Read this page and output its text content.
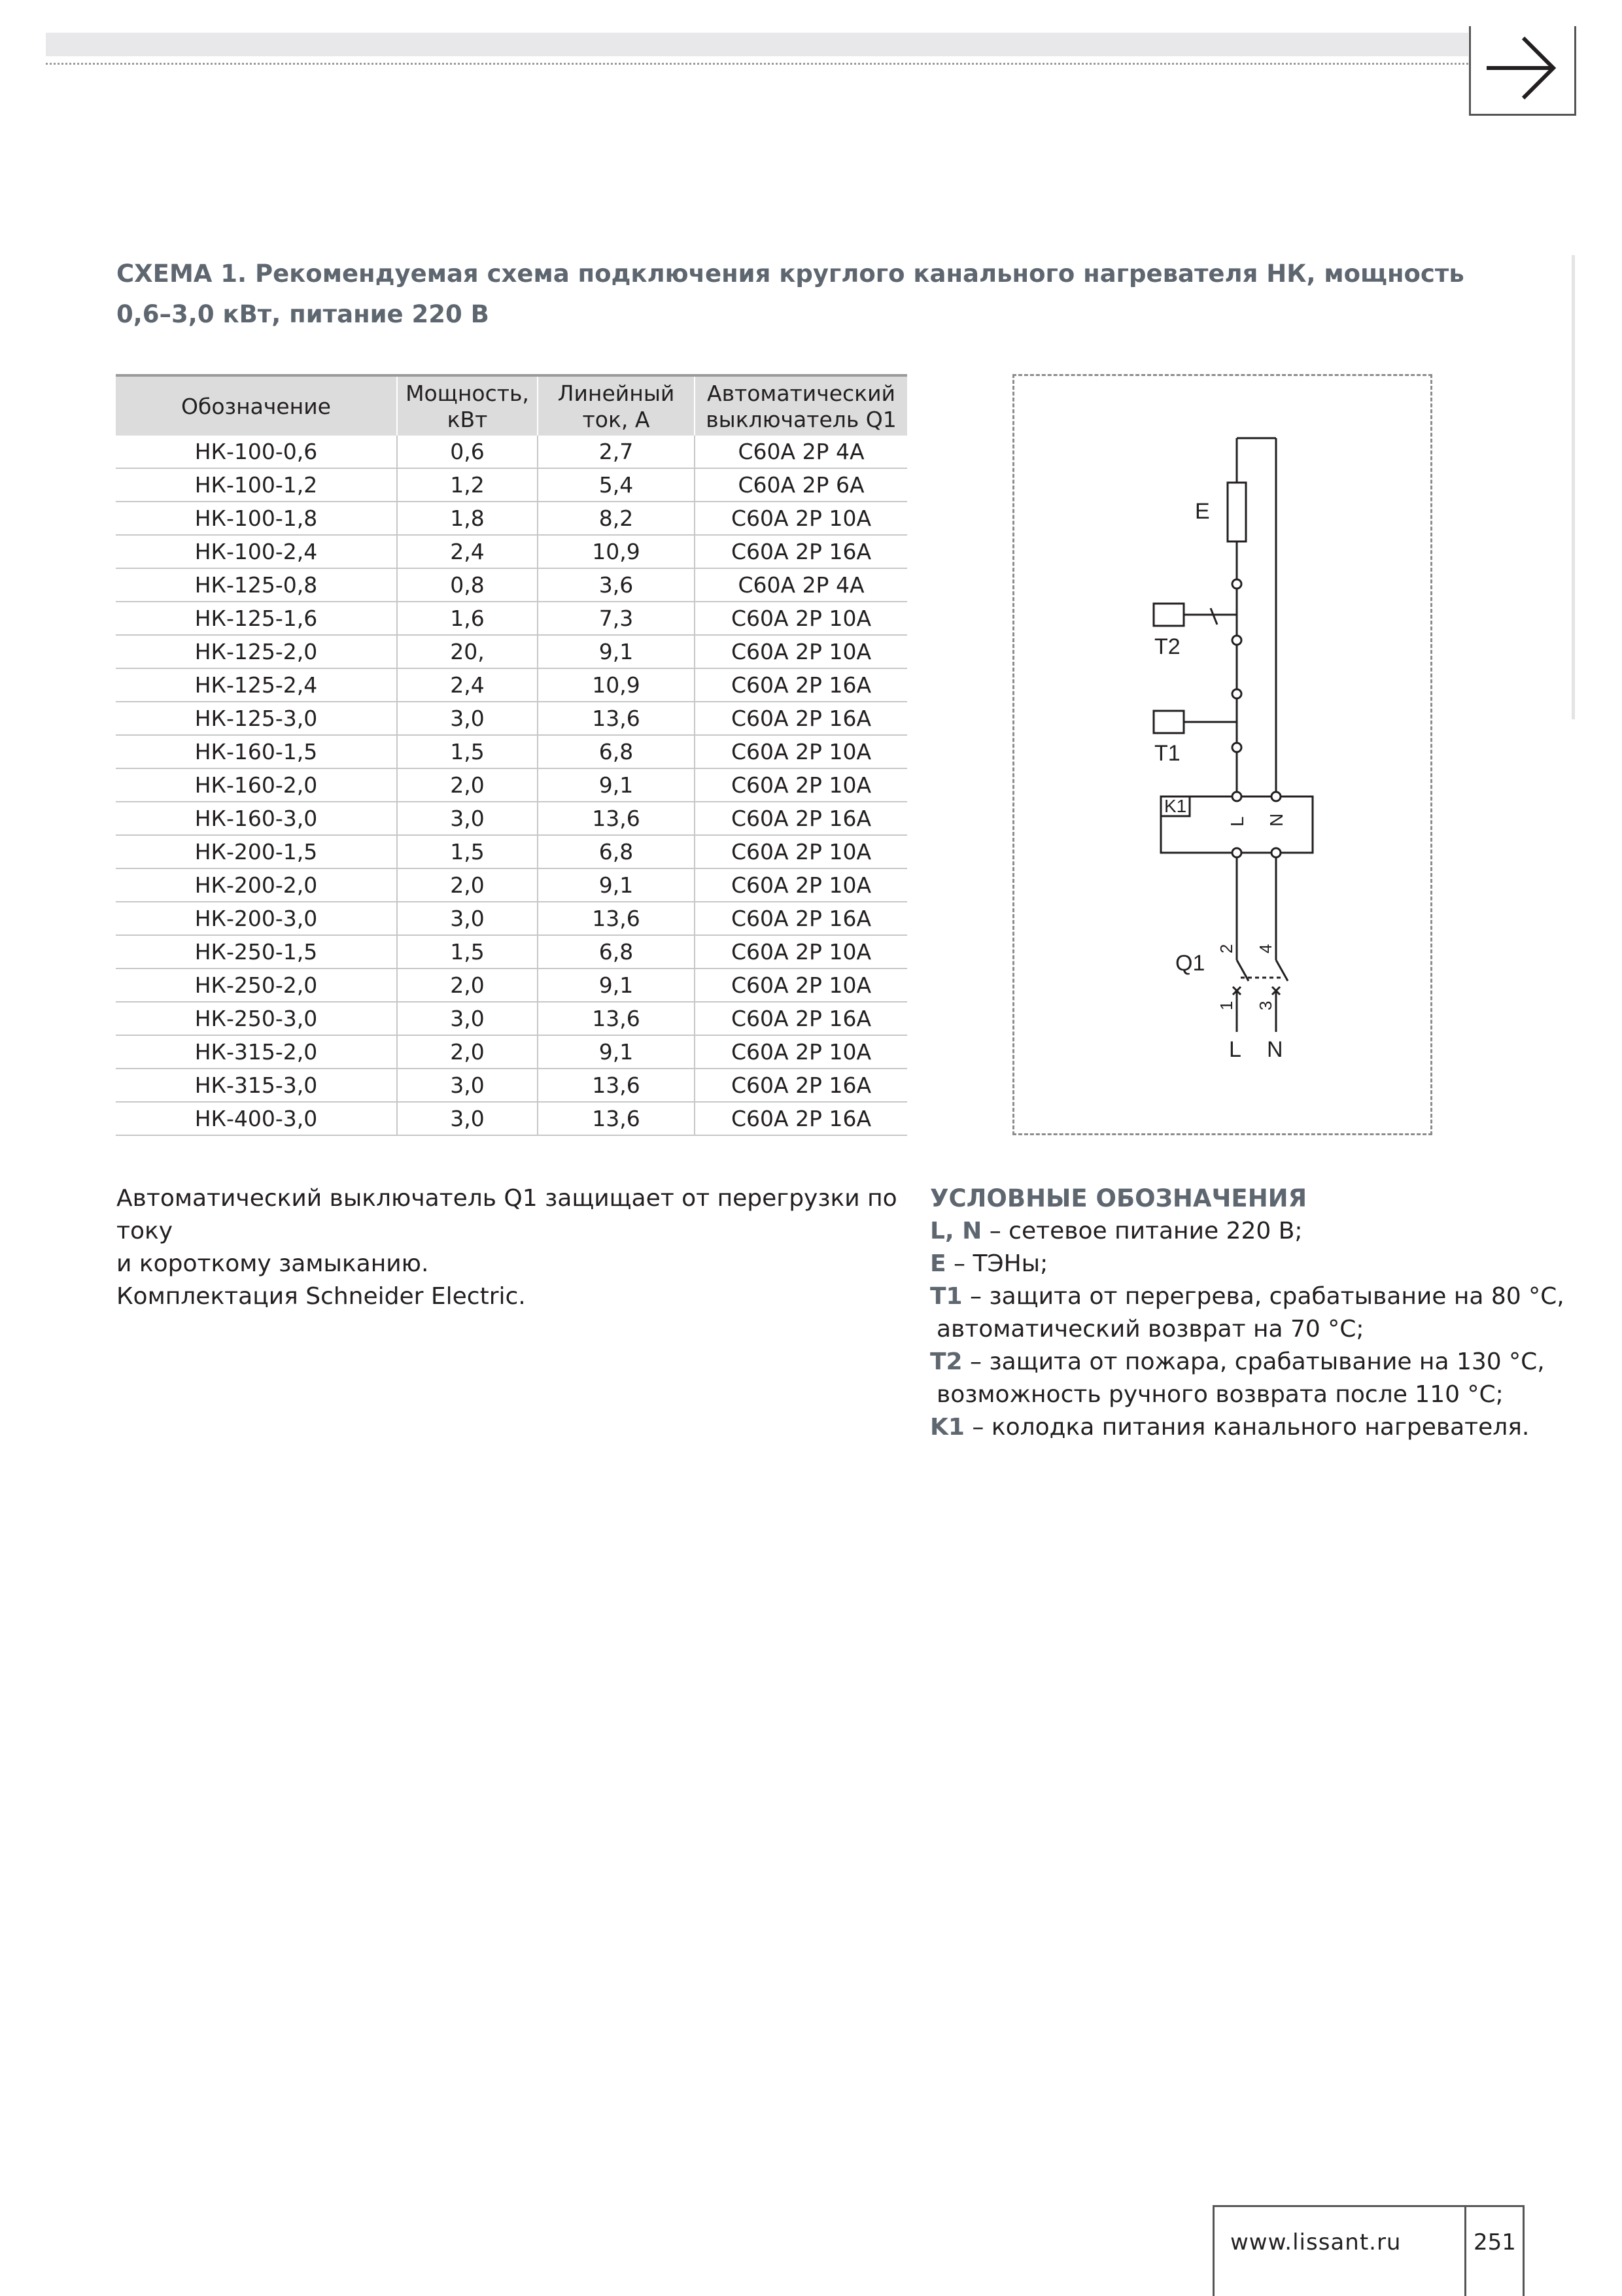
СХЕМА 1. Рекомендуемая схема подключения круглого канального нагревателя НК, мощность 0,6–3,0 кВт, питание 220 В
Обозначение	Мощность, кВт	Линейный ток, А	Автоматический выключатель Q1
НК-100-0,6	0,6	2,7	С60А 2Р 4А
НК-100-1,2	1,2	5,4	С60А 2Р 6А
НК-100-1,8	1,8	8,2	С60А 2Р 10А
НК-100-2,4	2,4	10,9	С60А 2Р 16А
НК-125-0,8	0,8	3,6	С60А 2Р 4А
НК-125-1,6	1,6	7,3	С60А 2Р 10А
НК-125-2,0	20,	9,1	С60А 2Р 10А
НК-125-2,4	2,4	10,9	С60А 2Р 16А
НК-125-3,0	3,0	13,6	С60А 2Р 16А
НК-160-1,5	1,5	6,8	С60А 2Р 10А
НК-160-2,0	2,0	9,1	С60А 2Р 10А
НК-160-3,0	3,0	13,6	С60А 2Р 16А
НК-200-1,5	1,5	6,8	С60А 2Р 10А
НК-200-2,0	2,0	9,1	С60А 2Р 10А
НК-200-3,0	3,0	13,6	С60А 2Р 16А
НК-250-1,5	1,5	6,8	С60А 2Р 10А
НК-250-2,0	2,0	9,1	С60А 2Р 10А
НК-250-3,0	3,0	13,6	С60А 2Р 16А
НК-315-2,0	2,0	9,1	С60А 2Р 10А
НК-315-3,0	3,0	13,6	С60А 2Р 16А
НК-400-3,0	3,0	13,6	С60А 2Р 16А
E
T2
T1
K1
L N
Q1
2 4
1 3
L N

Автоматический выключатель Q1 защищает от перегрузки по току

и короткому замыканию.

Комплектация Schneider Electric.

УСЛОВНЫЕ ОБОЗНАЧЕНИЯ

L, N – сетевое питание 220 В;

E – ТЭНы;

T1 – защита от перегрева, срабатывание на 80 °С,

автоматический возврат на 70 °С;

T2 – защита от пожара, срабатывание на 130 °С,

возможность ручного возврата после 110 °С;

K1 – колодка питания канального нагревателя.

www.lissant.ru	251
